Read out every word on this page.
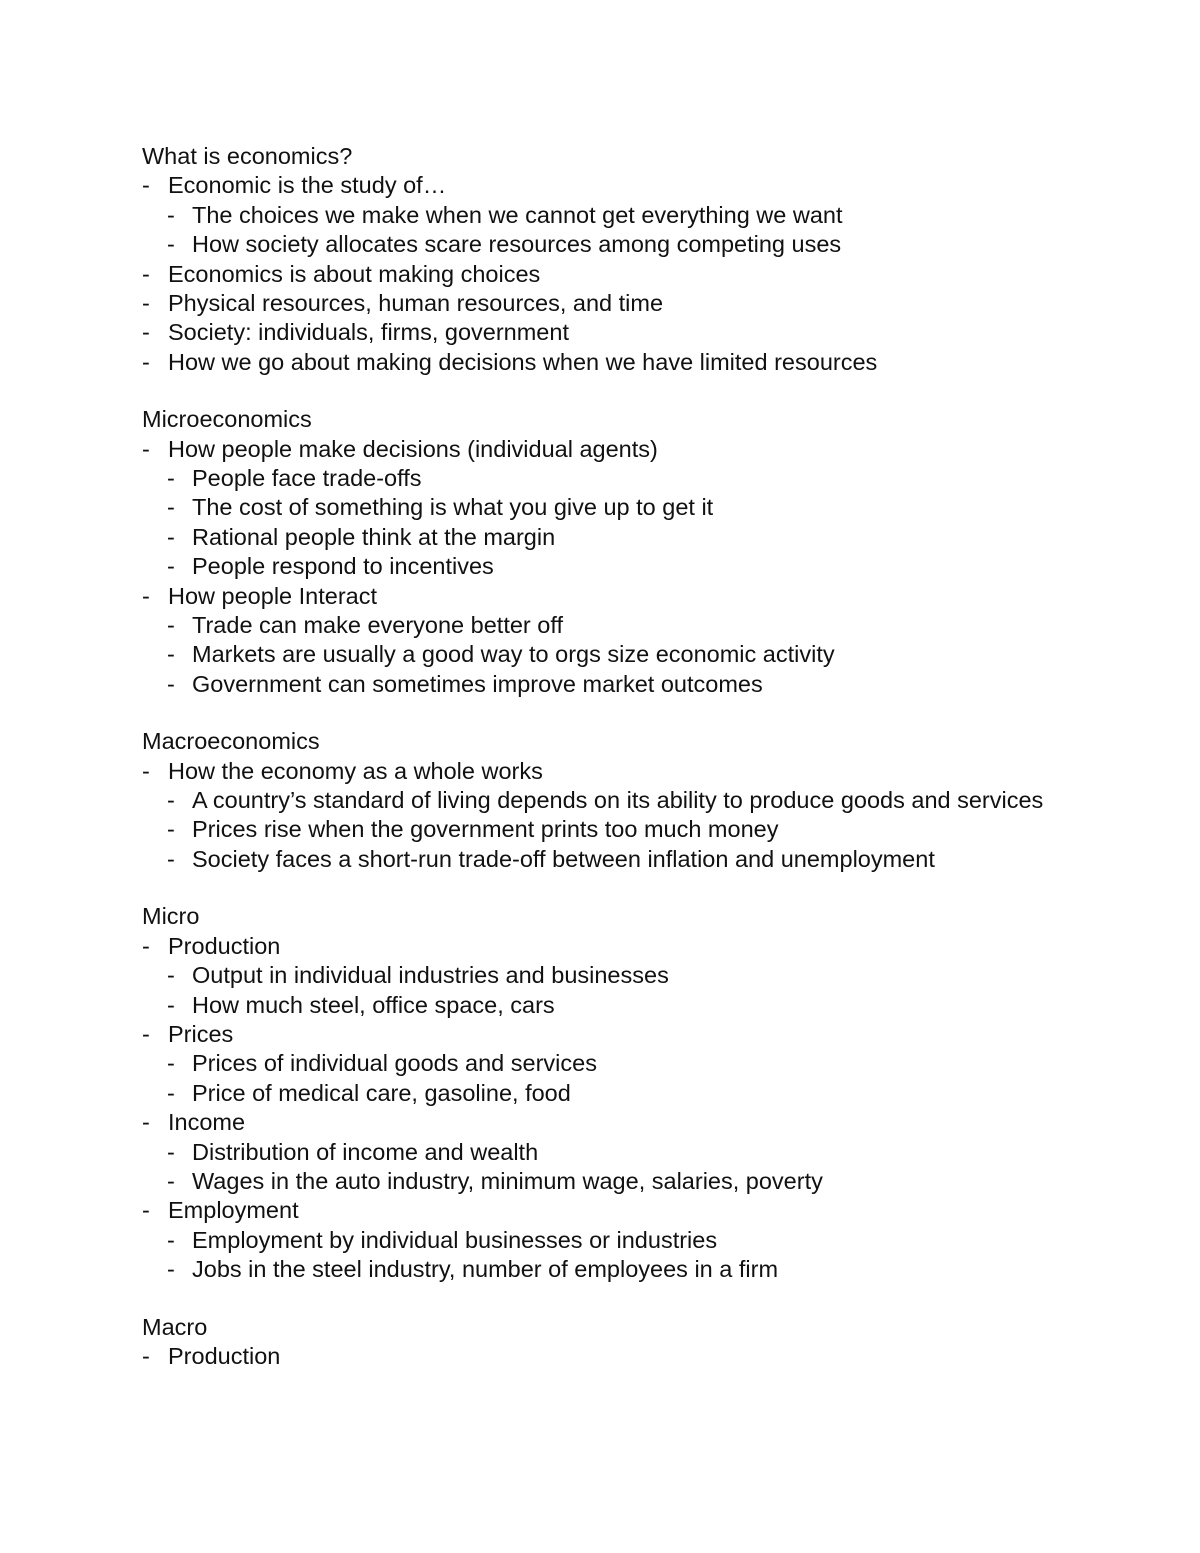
What is economics?
- Economic is the study of…
- The choices we make when we cannot get everything we want
- How society allocates scare resources among competing uses
- Economics is about making choices
- Physical resources, human resources, and time
- Society: individuals, firms, government
- How we go about making decisions when we have limited resources
Microeconomics
- How people make decisions (individual agents)
- People face trade-offs
- The cost of something is what you give up to get it
- Rational people think at the margin
- People respond to incentives
- How people Interact
- Trade can make everyone better off
- Markets are usually a good way to orgs size economic activity
- Government can sometimes improve market outcomes
Macroeconomics
- How the economy as a whole works
- A country’s standard of living depends on its ability to produce goods and services
- Prices rise when the government prints too much money
- Society faces a short-run trade-off between inflation and unemployment
Micro
- Production
- Output in individual industries and businesses
- How much steel, office space, cars
- Prices
- Prices of individual goods and services
- Price of medical care, gasoline, food
- Income
- Distribution of income and wealth
- Wages in the auto industry, minimum wage, salaries, poverty
- Employment
- Employment by individual businesses or industries
- Jobs in the steel industry, number of employees in a firm
Macro
- Production
